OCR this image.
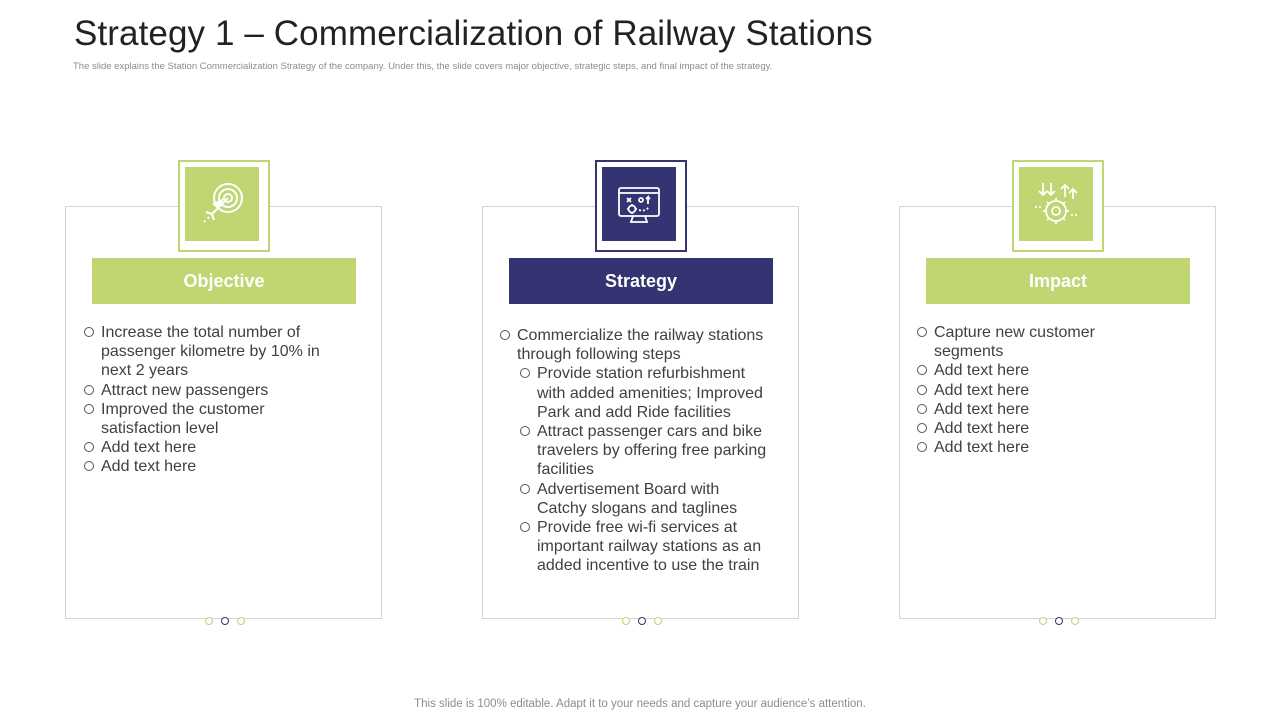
Strategy 1 – Commercialization of Railway Stations
The slide explains the Station Commercialization Strategy of the company. Under this, the slide covers major objective, strategic steps, and final impact of the strategy.
Objective
Increase the total number of passenger kilometre by 10% in next 2 years
Attract new passengers
Improved the customer satisfaction level
Add text here
Add text here
Strategy
Commercialize the railway stations through following steps
Provide station refurbishment with added amenities; Improved Park and add Ride facilities
Attract passenger cars and bike travelers by offering free parking facilities
Advertisement Board with Catchy slogans and taglines
Provide free wi-fi services at important railway stations as an added incentive to use the train
Impact
Capture new customer segments
Add text here
Add text here
Add text here
Add text here
Add text here
This slide is 100% editable. Adapt it to your needs and capture your audience’s attention.
